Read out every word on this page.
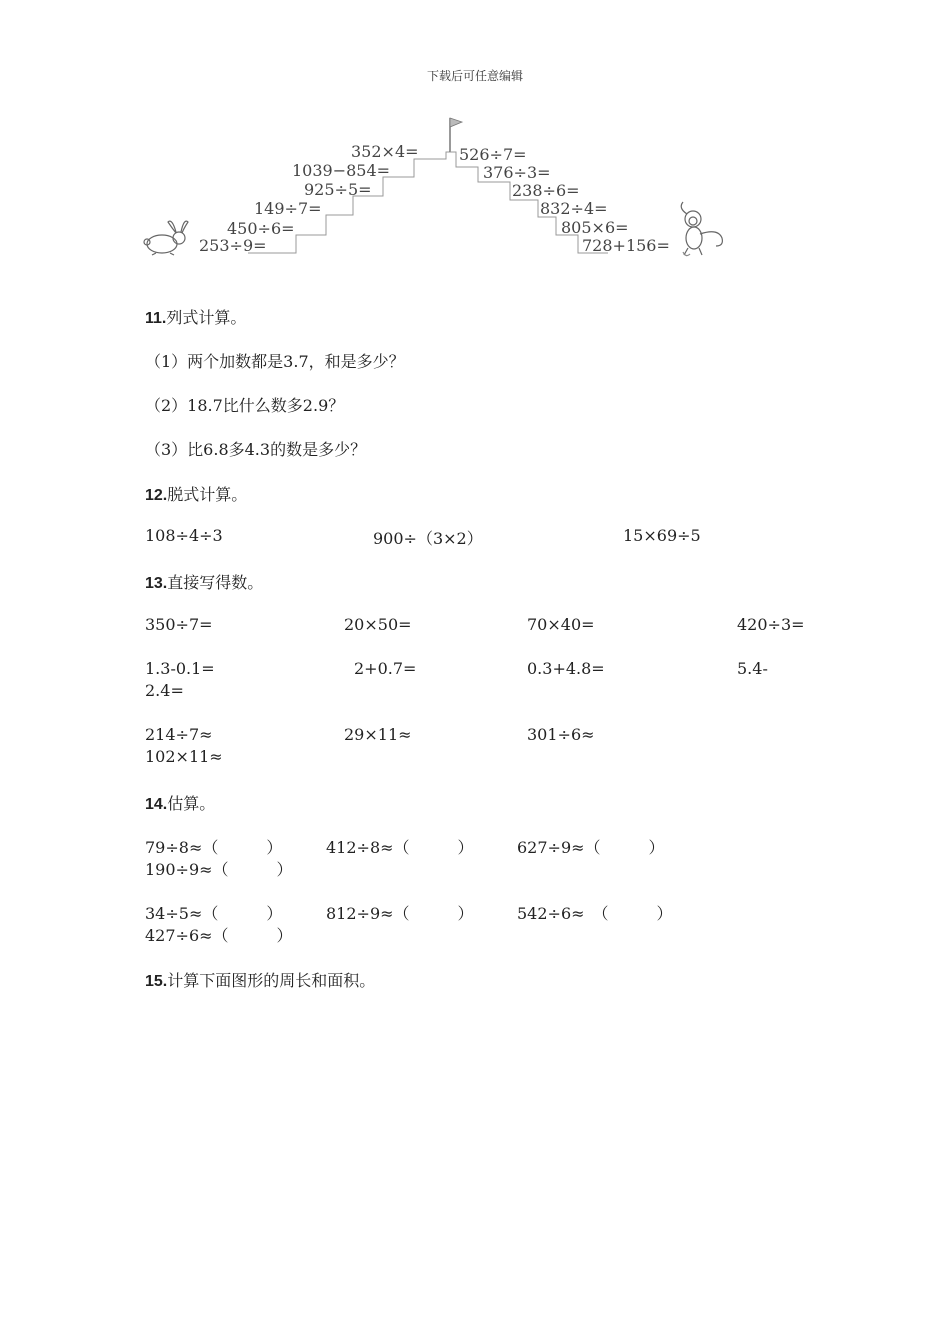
下载后可任意编辑
352×4=
1039−854=
925÷5=
149÷7=
450÷6=
253÷9=
526÷7=
376÷3=
238÷6=
832÷4=
805×6=
728+156=
11.列式计算。
（1）两个加数都是3.7，和是多少？
（2）18.7比什么数多2.9？
（3）比6.8多4.3的数是多少？
12.脱式计算。
108÷4÷3	900÷（3×2）	15×69÷5
13.直接写得数。
350÷7=	20×50=	70×40=	420÷3=
1.3-0.1=	2+0.7=	0.3+4.8=	5.4-
2.4=
214÷7≈	29×11≈	301÷6≈
102×11≈
14.估算。
79÷8≈（　　　）	412÷8≈（　　　）	627÷9≈（　　　）
190÷9≈（　　　）
34÷5≈（　　　）	812÷9≈（　　　）	542÷6≈　（　　　）
427÷6≈（　　　）
15.计算下面图形的周长和面积。
